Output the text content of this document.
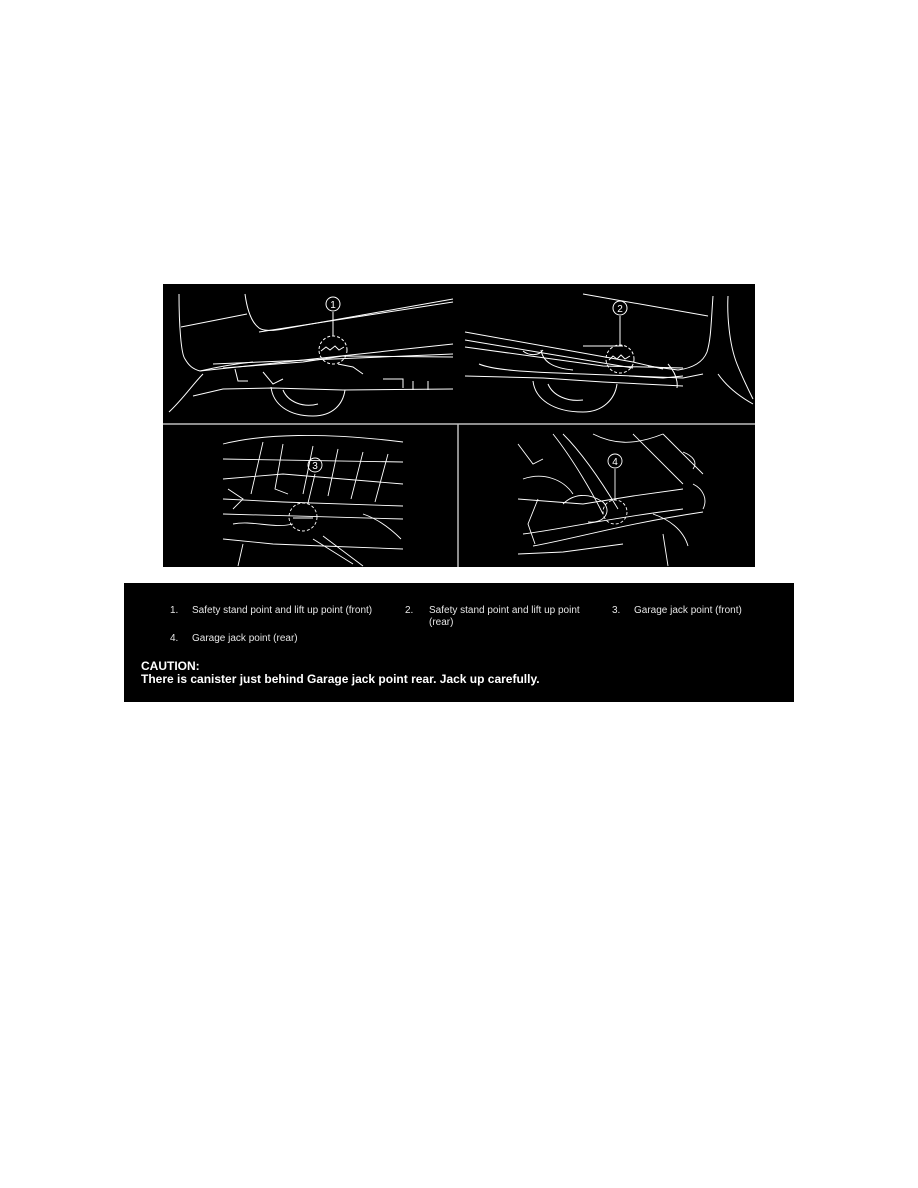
1	2
3	4
1. Safety stand point and lift up point (front)	2. Safety stand point and lift up point
(rear)
3. Garage jack point (front)
4. Garage jack point (rear)
CAUTION:
There is canister just behind Garage jack point rear. Jack up carefully.
